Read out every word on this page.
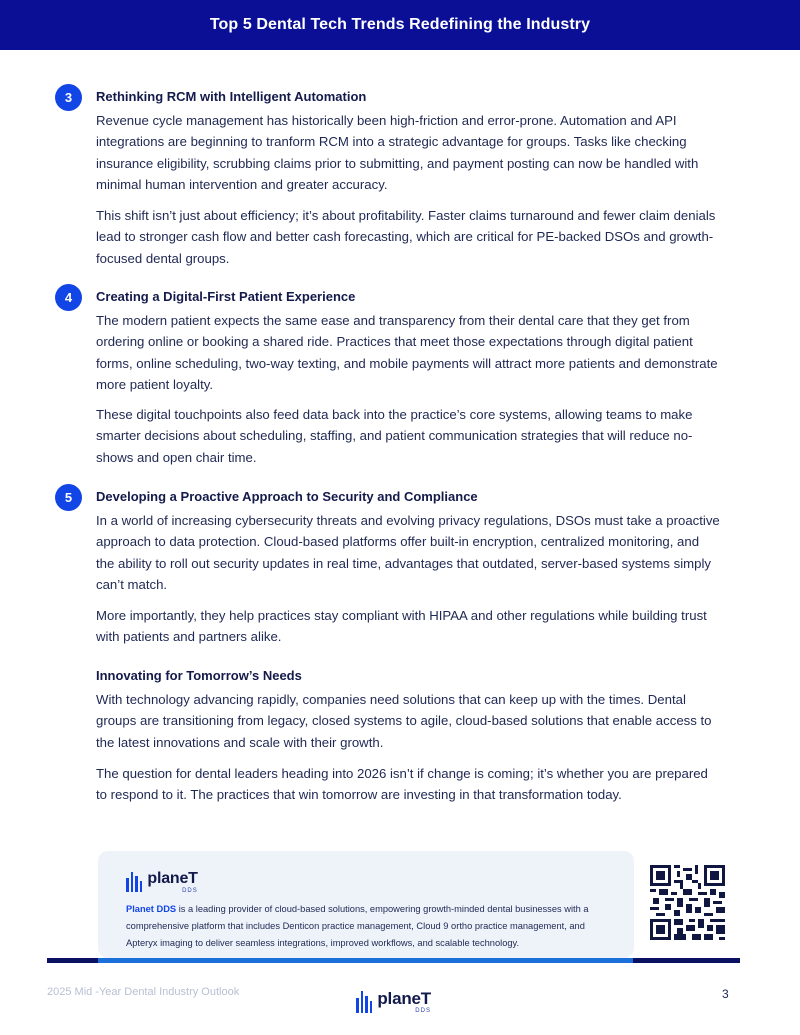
Top 5 Dental Tech Trends Redefining the Industry
3	Rethinking RCM with Intelligent Automation
Revenue cycle management has historically been high-friction and error-prone. Automation and API integrations are beginning to tranform RCM into a strategic advantage for groups. Tasks like checking insurance eligibility, scrubbing claims prior to submitting, and payment posting can now be handled with minimal human intervention and greater accuracy.
This shift isn’t just about efficiency; it’s about profitability. Faster claims turnaround and fewer claim denials lead to stronger cash flow and better cash forecasting, which are critical for PE-backed DSOs and growth-focused dental groups.
4	Creating a Digital-First Patient Experience
The modern patient expects the same ease and transparency from their dental care that they get from ordering online or booking a shared ride. Practices that meet those expectations through digital patient forms, online scheduling, two-way texting, and mobile payments will attract more patients and demonstrate more patient loyalty.
These digital touchpoints also feed data back into the practice’s core systems, allowing teams to make smarter decisions about scheduling, staffing, and patient communication strategies that will reduce no-shows and open chair time.
5	Developing a Proactive Approach to Security and Compliance
In a world of increasing cybersecurity threats and evolving privacy regulations, DSOs must take a proactive approach to data protection. Cloud-based platforms offer built-in encryption, centralized monitoring, and the ability to roll out security updates in real time, advantages that outdated, server-based systems simply can’t match.
More importantly, they help practices stay compliant with HIPAA and other regulations while building trust with patients and partners alike.
Innovating for Tomorrow’s Needs
With technology advancing rapidly, companies need solutions that can keep up with the times. Dental groups are transitioning from legacy, closed systems to agile, cloud-based solutions that enable access to the latest innovations and scale with their growth.
The question for dental leaders heading into 2026 isn’t if change is coming; it’s whether you are prepared to respond to it. The practices that win tomorrow are investing in that transformation today.
planeT
DDS
Planet DDS is a leading provider of cloud-based solutions, empowering growth-minded dental businesses with a comprehensive platform that includes Denticon practice management, Cloud 9 ortho practice management, and Apteryx imaging to deliver seamless integrations, improved workflows, and scalable technology.
2025 Mid -Year Dental Industry Outlook	planeT
DDS
3
